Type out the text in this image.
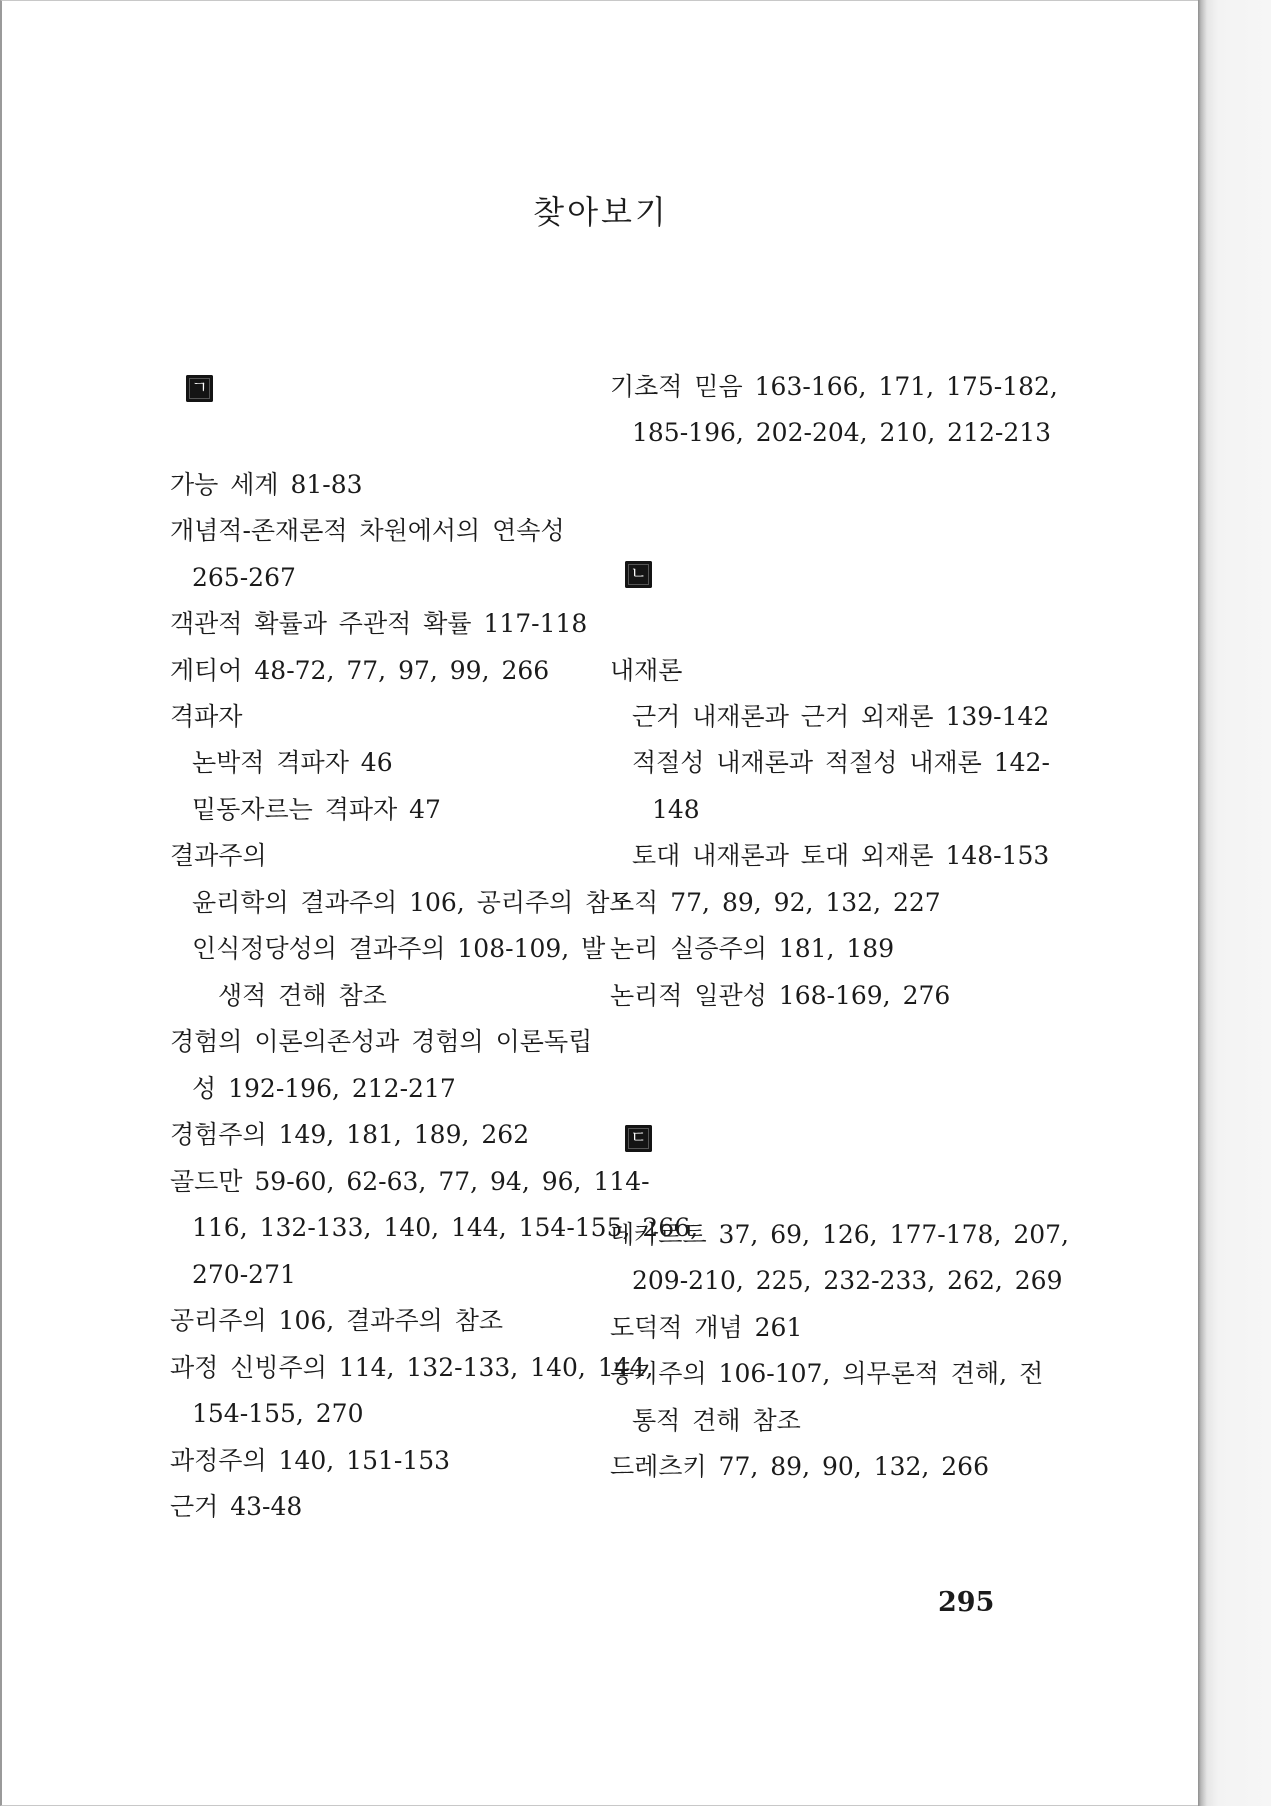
찾아보기
ㄱ
가능 세계 81-83
개념적-존재론적 차원에서의 연속성
265-267
객관적 확률과 주관적 확률 117-118
게티어 48-72, 77, 97, 99, 266
격파자
논박적 격파자 46
밑동자르는 격파자 47
결과주의
윤리학의 결과주의 106, 공리주의 참조
인식정당성의 결과주의 108-109, 발
생적 견해 참조
경험의 이론의존성과 경험의 이론독립
성 192-196, 212-217
경험주의 149, 181, 189, 262
골드만 59-60, 62-63, 77, 94, 96, 114-
116, 132-133, 140, 144, 154-155, 266,
270-271
공리주의 106, 결과주의 참조
과정 신빙주의 114, 132-133, 140, 144,
154-155, 270
과정주의 140, 151-153
근거 43-48
기초적 믿음 163-166, 171, 175-182,
185-196, 202-204, 210, 212-213
ㄴ
내재론
근거 내재론과 근거 외재론 139-142
적절성 내재론과 적절성 내재론 142-
148
토대 내재론과 토대 외재론 148-153
노직 77, 89, 92, 132, 227
논리 실증주의 181, 189
논리적 일관성 168-169, 276
ㄷ
데카르트 37, 69, 126, 177-178, 207,
209-210, 225, 232-233, 262, 269
도덕적 개념 261
동기주의 106-107, 의무론적 견해, 전
통적 견해 참조
드레츠키 77, 89, 90, 132, 266
295
